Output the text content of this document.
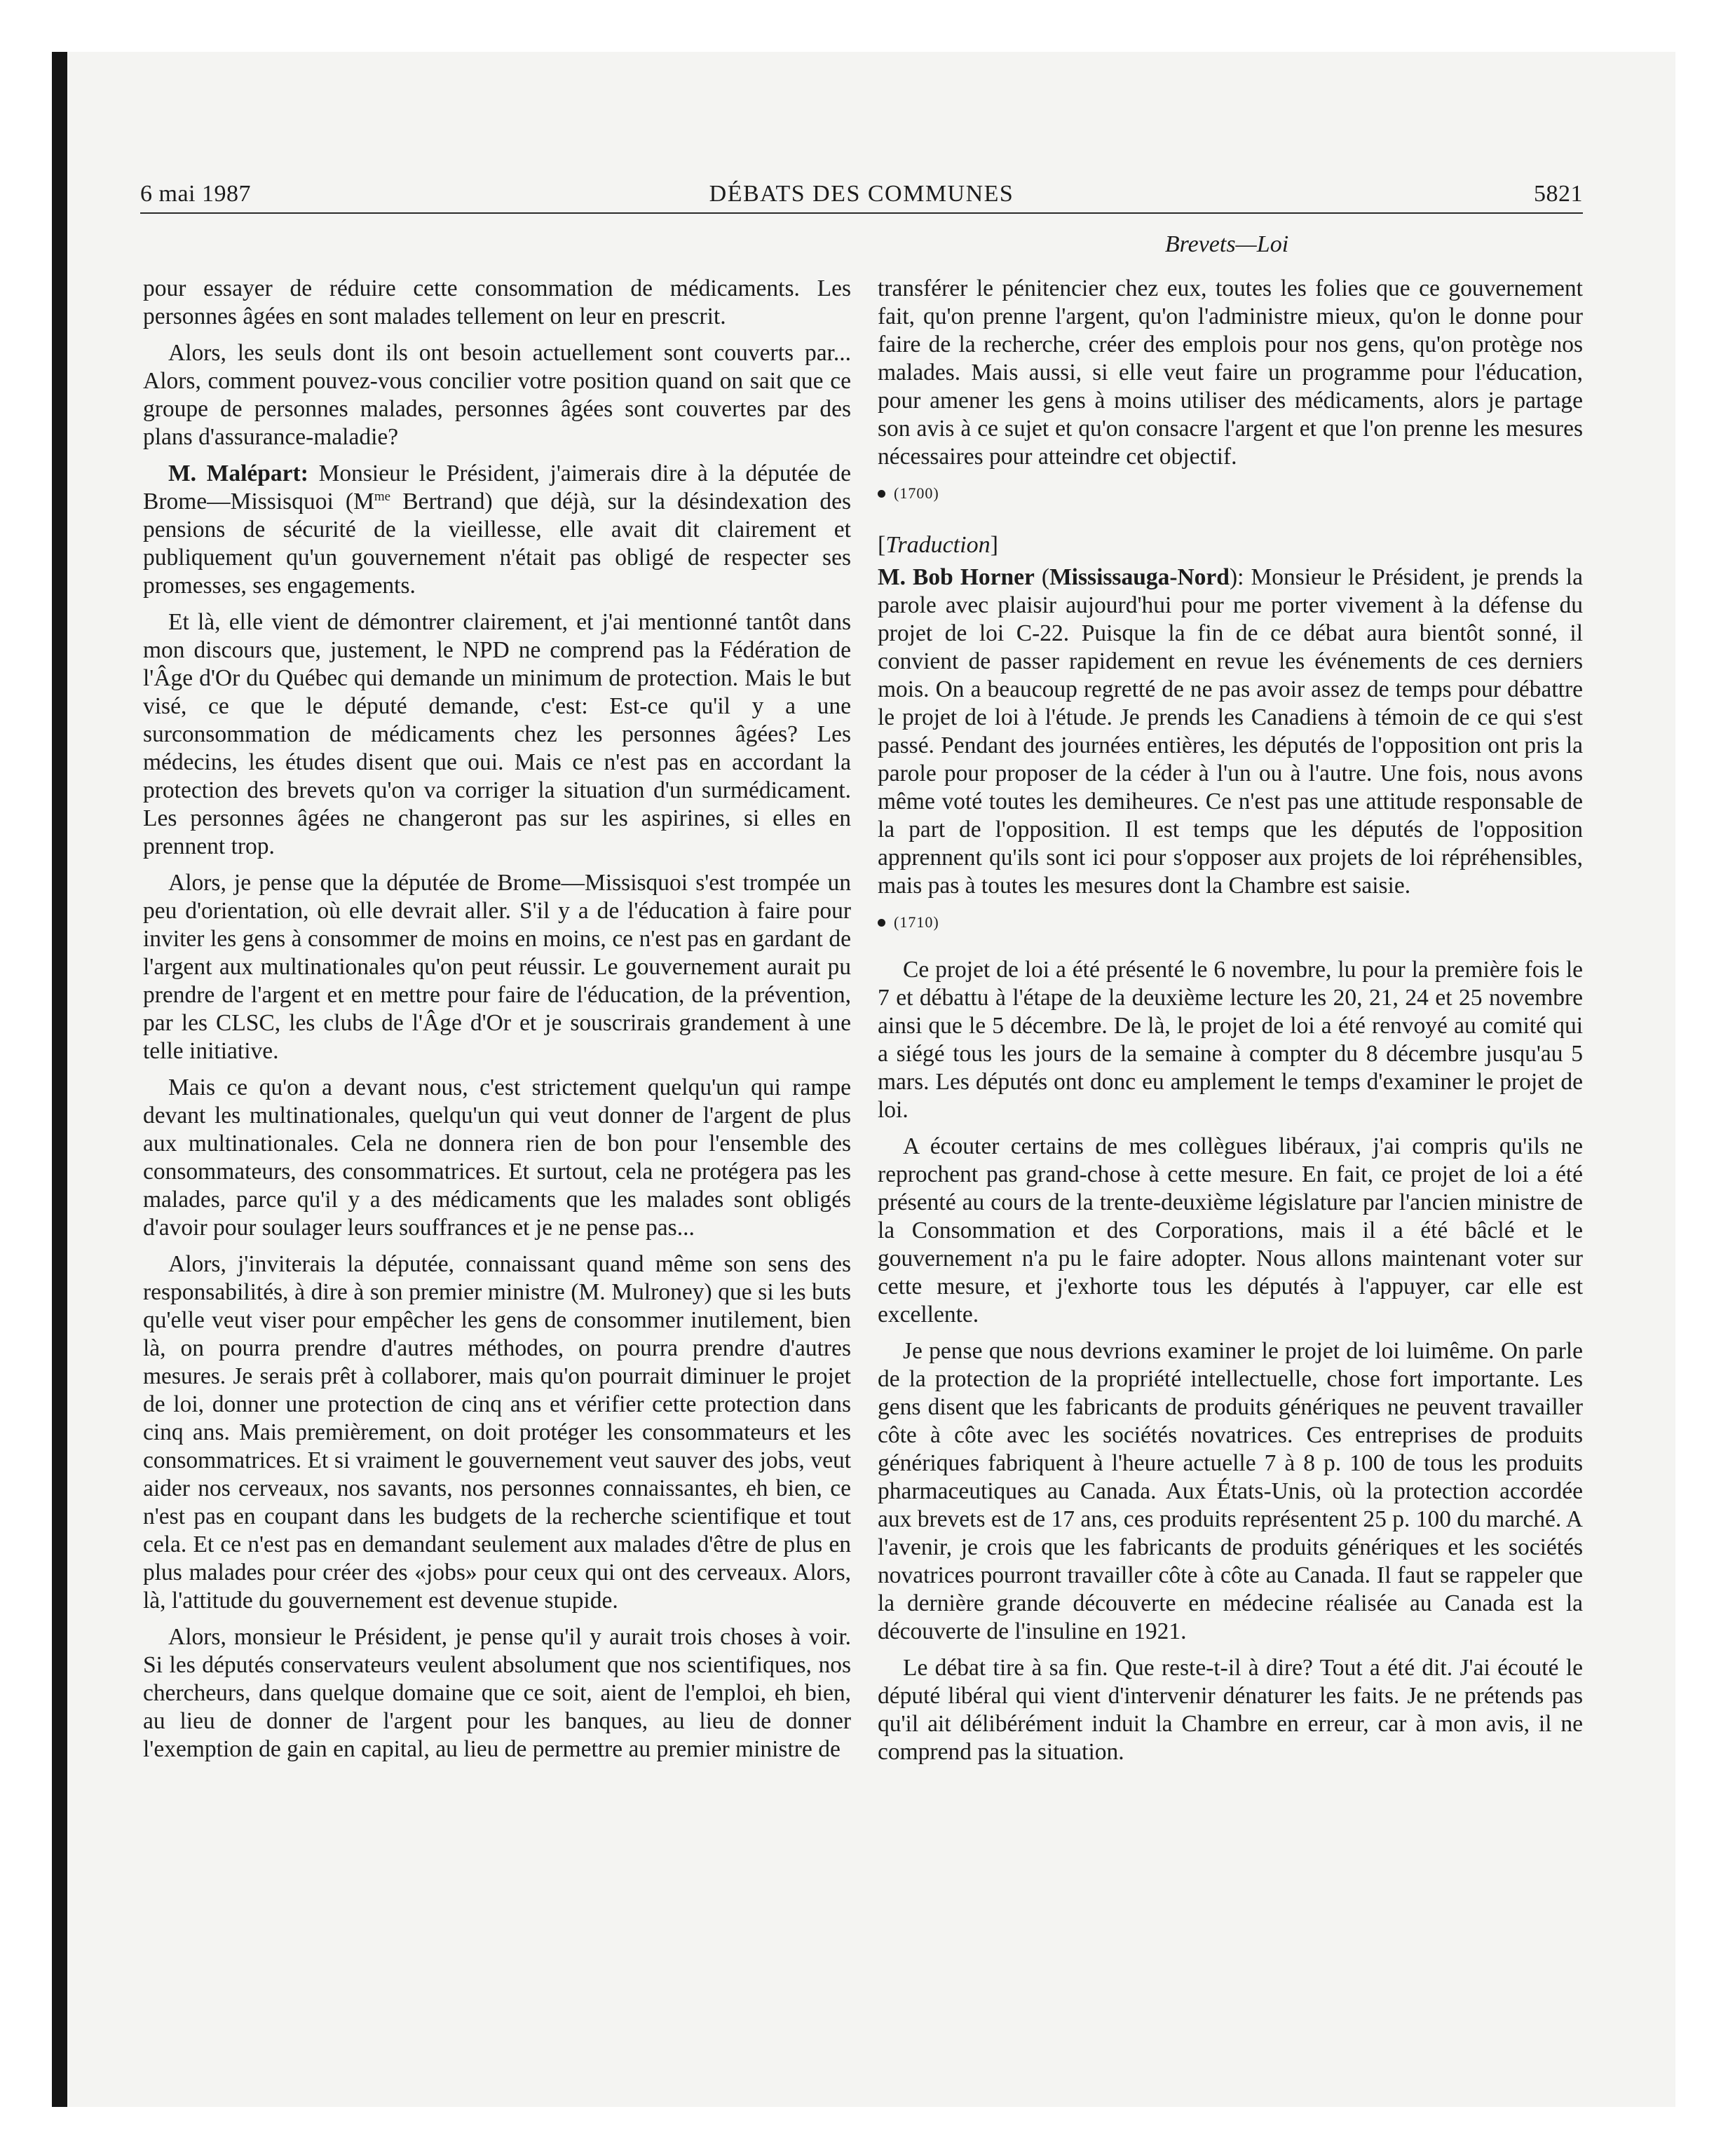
6 mai 1987	DÉBATS DES COMMUNES	5821
Brevets—Loi

pour essayer de réduire cette consommation de médicaments. Les personnes âgées en sont malades tellement on leur en prescrit.

Alors, les seuls dont ils ont besoin actuellement sont couverts par... Alors, comment pouvez-vous concilier votre position quand on sait que ce groupe de personnes malades, personnes âgées sont couvertes par des plans d'assurance-maladie?

M. Malépart: Monsieur le Président, j'aimerais dire à la députée de Brome—Missisquoi ($M^{me}$ Bertrand) que déjà, sur la désindexation des pensions de sécurité de la vieillesse, elle avait dit clairement et publiquement qu'un gouvernement n'était pas obligé de respecter ses promesses, ses engagements.

Et là, elle vient de démontrer clairement, et j'ai mentionné tantôt dans mon discours que, justement, le NPD ne comprend pas la Fédération de l'Âge d'Or du Québec qui demande un minimum de protection. Mais le but visé, ce que le député demande, c'est: Est-ce qu'il y a une surconsommation de médicaments chez les personnes âgées? Les médecins, les études disent que oui. Mais ce n'est pas en accordant la protection des brevets qu'on va corriger la situation d'un surmédicament. Les personnes âgées ne changeront pas sur les aspirines, si elles en prennent trop.

Alors, je pense que la députée de Brome—Missisquoi s'est trompée un peu d'orientation, où elle devrait aller. S'il y a de l'éducation à faire pour inviter les gens à consommer de moins en moins, ce n'est pas en gardant de l'argent aux multinationales qu'on peut réussir. Le gouvernement aurait pu prendre de l'argent et en mettre pour faire de l'éducation, de la prévention, par les CLSC, les clubs de l'Âge d'Or et je souscrirais grandement à une telle initiative.

Mais ce qu'on a devant nous, c'est strictement quelqu'un qui rampe devant les multinationales, quelqu'un qui veut donner de l'argent de plus aux multinationales. Cela ne donnera rien de bon pour l'ensemble des consommateurs, des consommatrices. Et surtout, cela ne protégera pas les malades, parce qu'il y a des médicaments que les malades sont obligés d'avoir pour soulager leurs souffrances et je ne pense pas...

Alors, j'inviterais la députée, connaissant quand même son sens des responsabilités, à dire à son premier ministre (M. Mulroney) que si les buts qu'elle veut viser pour empêcher les gens de consommer inutilement, bien là, on pourra prendre d'autres méthodes, on pourra prendre d'autres mesures. Je serais prêt à collaborer, mais qu'on pourrait diminuer le projet de loi, donner une protection de cinq ans et vérifier cette protection dans cinq ans. Mais premièrement, on doit protéger les consommateurs et les consommatrices. Et si vraiment le gouvernement veut sauver des jobs, veut aider nos cerveaux, nos savants, nos personnes connaissantes, eh bien, ce n'est pas en coupant dans les budgets de la recherche scientifique et tout cela. Et ce n'est pas en demandant seulement aux malades d'être de plus en plus malades pour créer des «jobs» pour ceux qui ont des cerveaux. Alors, là, l'attitude du gouvernement est devenue stupide.

Alors, monsieur le Président, je pense qu'il y aurait trois choses à voir. Si les députés conservateurs veulent absolument que nos scientifiques, nos chercheurs, dans quelque domaine que ce soit, aient de l'emploi, eh bien, au lieu de donner de l'argent pour les banques, au lieu de donner l'exemption de gain en capital, au lieu de permettre au premier ministre de

transférer le pénitencier chez eux, toutes les folies que ce gouvernement fait, qu'on prenne l'argent, qu'on l'administre mieux, qu'on le donne pour faire de la recherche, créer des emplois pour nos gens, qu'on protège nos malades. Mais aussi, si elle veut faire un programme pour l'éducation, pour amener les gens à moins utiliser des médicaments, alors je partage son avis à ce sujet et qu'on consacre l'argent et que l'on prenne les mesures nécessaires pour atteindre cet objectif.

(1700)
[Traduction]

M. Bob Horner (Mississauga-Nord): Monsieur le Président, je prends la parole avec plaisir aujourd'hui pour me porter vivement à la défense du projet de loi C-22. Puisque la fin de ce débat aura bientôt sonné, il convient de passer rapidement en revue les événements de ces derniers mois. On a beaucoup regretté de ne pas avoir assez de temps pour débattre le projet de loi à l'étude. Je prends les Canadiens à témoin de ce qui s'est passé. Pendant des journées entières, les députés de l'opposition ont pris la parole pour proposer de la céder à l'un ou à l'autre. Une fois, nous avons même voté toutes les demiheures. Ce n'est pas une attitude responsable de la part de l'opposition. Il est temps que les députés de l'opposition apprennent qu'ils sont ici pour s'opposer aux projets de loi répréhensibles, mais pas à toutes les mesures dont la Chambre est saisie.

(1710)

Ce projet de loi a été présenté le 6 novembre, lu pour la première fois le 7 et débattu à l'étape de la deuxième lecture les 20, 21, 24 et 25 novembre ainsi que le 5 décembre. De là, le projet de loi a été renvoyé au comité qui a siégé tous les jours de la semaine à compter du 8 décembre jusqu'au 5 mars. Les députés ont donc eu amplement le temps d'examiner le projet de loi.

A écouter certains de mes collègues libéraux, j'ai compris qu'ils ne reprochent pas grand-chose à cette mesure. En fait, ce projet de loi a été présenté au cours de la trente-deuxième législature par l'ancien ministre de la Consommation et des Corporations, mais il a été bâclé et le gouvernement n'a pu le faire adopter. Nous allons maintenant voter sur cette mesure, et j'exhorte tous les députés à l'appuyer, car elle est excellente.

Je pense que nous devrions examiner le projet de loi luimême. On parle de la protection de la propriété intellectuelle, chose fort importante. Les gens disent que les fabricants de produits génériques ne peuvent travailler côte à côte avec les sociétés novatrices. Ces entreprises de produits génériques fabriquent à l'heure actuelle 7 à 8 p. 100 de tous les produits pharmaceutiques au Canada. Aux États-Unis, où la protection accordée aux brevets est de 17 ans, ces produits représentent 25 p. 100 du marché. A l'avenir, je crois que les fabricants de produits génériques et les sociétés novatrices pourront travailler côte à côte au Canada. Il faut se rappeler que la dernière grande découverte en médecine réalisée au Canada est la découverte de l'insuline en 1921.

Le débat tire à sa fin. Que reste-t-il à dire? Tout a été dit. J'ai écouté le député libéral qui vient d'intervenir dénaturer les faits. Je ne prétends pas qu'il ait délibérément induit la Chambre en erreur, car à mon avis, il ne comprend pas la situation.
